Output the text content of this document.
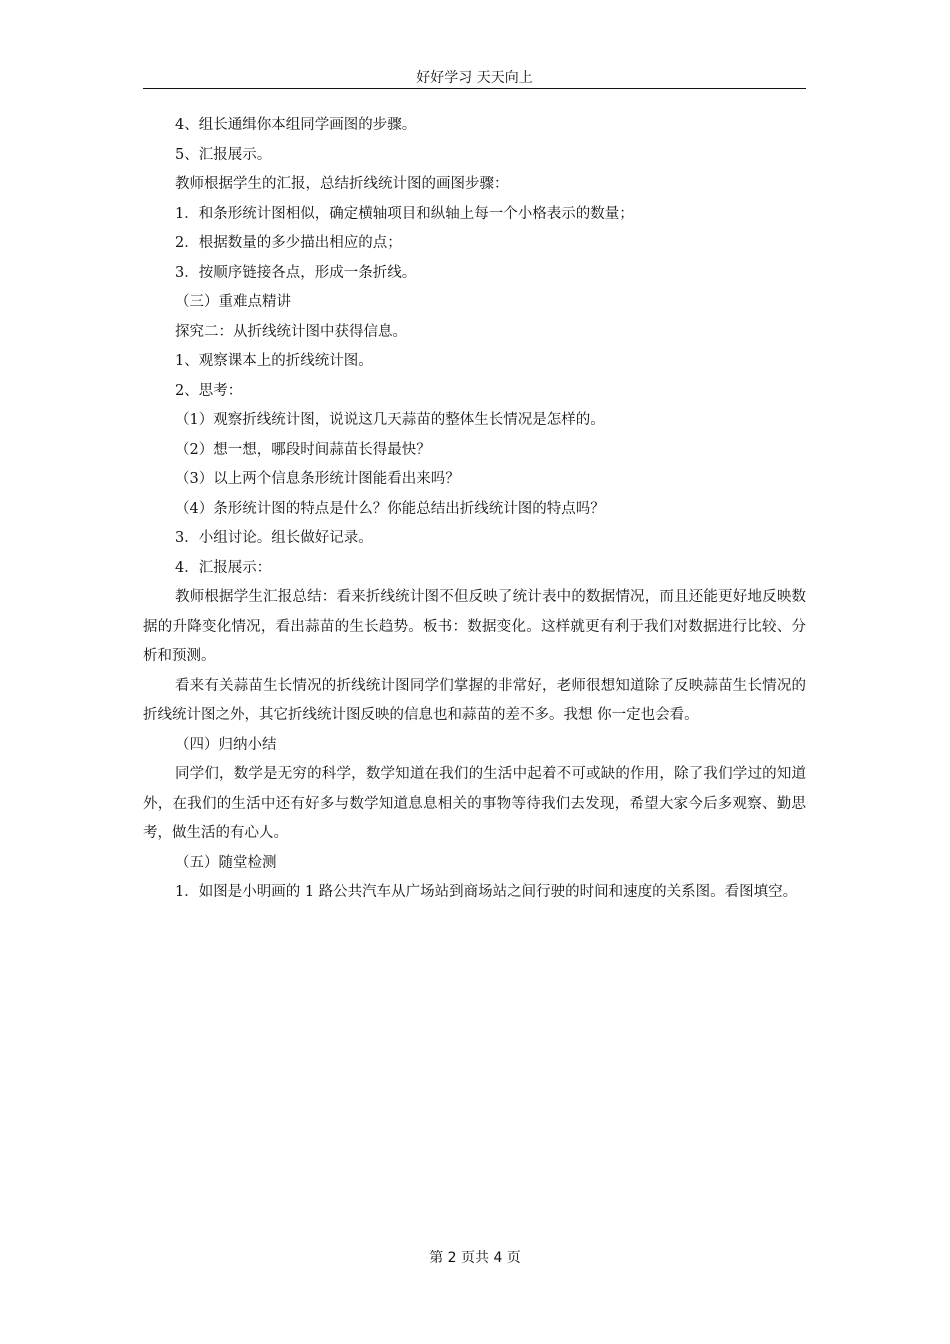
好好学习 天天向上
4、组长通缉你本组同学画图的步骤。
5、汇报展示。
教师根据学生的汇报，总结折线统计图的画图步骤：
1．和条形统计图相似，确定横轴项目和纵轴上每一个小格表示的数量；
2．根据数量的多少描出相应的点；
3．按顺序链接各点，形成一条折线。
（三）重难点精讲
探究二：从折线统计图中获得信息。
1、观察课本上的折线统计图。
2、思考：
（1）观察折线统计图，说说这几天蒜苗的整体生长情况是怎样的。
（2）想一想，哪段时间蒜苗长得最快？
（3）以上两个信息条形统计图能看出来吗？
（4）条形统计图的特点是什么？你能总结出折线统计图的特点吗？
3．小组讨论。组长做好记录。
4．汇报展示：
教师根据学生汇报总结：看来折线统计图不但反映了统计表中的数据情况，而且还能更好地反映数据的升降变化情况，看出蒜苗的生长趋势。板书：数据变化。这样就更有利于我们对数据进行比较、分析和预测。
看来有关蒜苗生长情况的折线统计图同学们掌握的非常好，老师很想知道除了反映蒜苗生长情况的折线统计图之外，其它折线统计图反映的信息也和蒜苗的差不多。我想 你一定也会看。
（四）归纳小结
同学们，数学是无穷的科学，数学知道在我们的生活中起着不可或缺的作用，除了我们学过的知道外，在我们的生活中还有好多与数学知道息息相关的事物等待我们去发现，希望大家今后多观察、勤思考，做生活的有心人。
（五）随堂检测
1．如图是小明画的 1 路公共汽车从广场站到商场站之间行驶的时间和速度的关系图。看图填空。
第 2 页共 4 页
